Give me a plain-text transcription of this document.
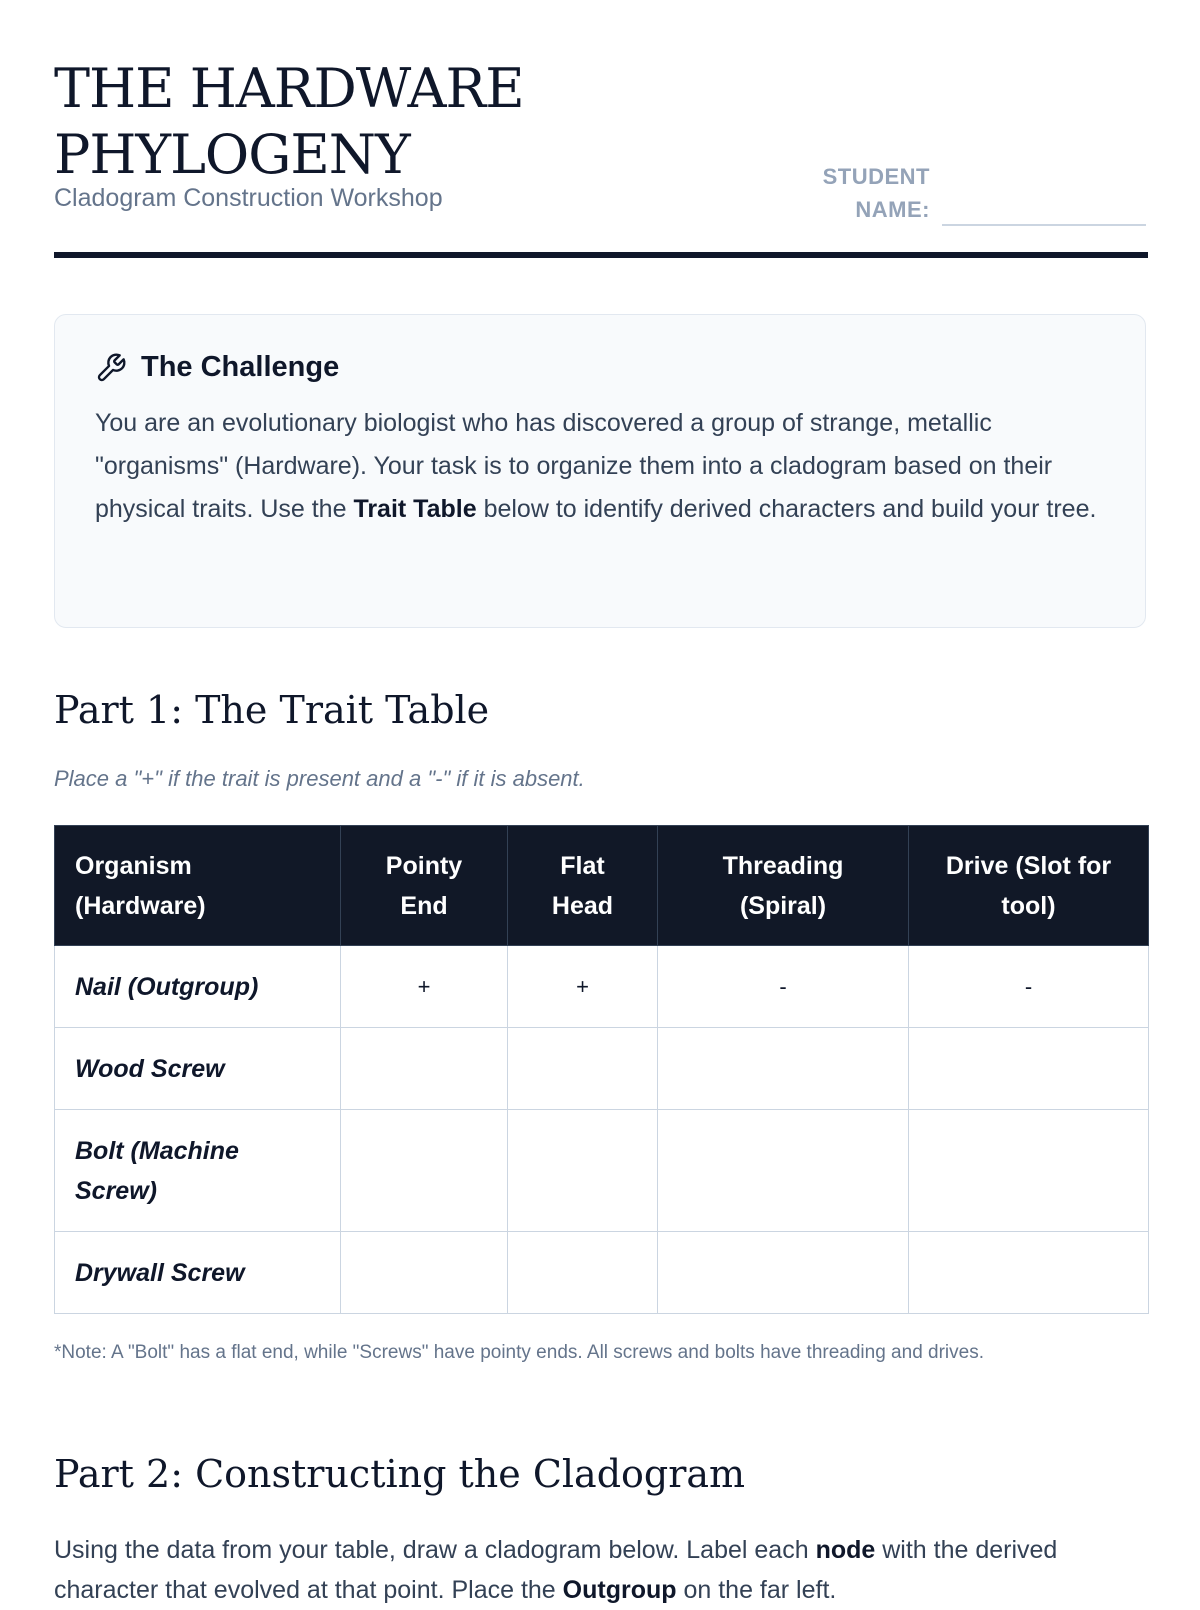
THE HARDWARE PHYLOGENY
Cladogram Construction Workshop
STUDENT NAME:
The Challenge

You are an evolutionary biologist who has discovered a group of strange, metallic "organisms" (Hardware). Your task is to organize them into a cladogram based on their physical traits. Use the Trait Table below to identify derived characters and build your tree.

Part 1: The Trait Table
Place a "+" if the trait is present and a "-" if it is absent.
Organism (Hardware)	Pointy End	Flat Head	Threading (Spiral)	Drive (Slot for tool)
Nail (Outgroup)	+	+	-	-
Wood Screw				
Bolt (Machine Screw)				
Drywall Screw				
*Note: A "Bolt" has a flat end, while "Screws" have pointy ends. All screws and bolts have threading and drives.
Part 2: Constructing the Cladogram

Using the data from your table, draw a cladogram below. Label each node with the derived character that evolved at that point. Place the Outgroup on the far left.
